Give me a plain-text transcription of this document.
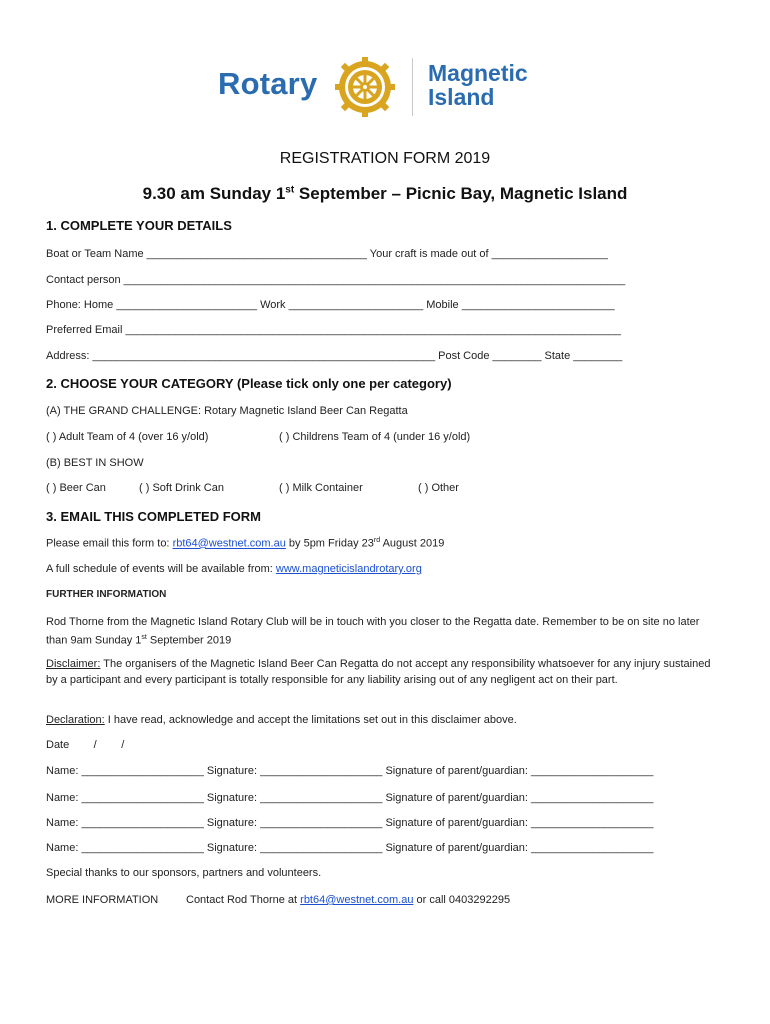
Rotary	Magnetic
Island
REGISTRATION FORM 2019
9.30 am Sunday 1st September – Picnic Bay, Magnetic Island
1. COMPLETE YOUR DETAILS
Boat or Team Name ____________________________________ Your craft is made out of ___________________
Contact person __________________________________________________________________________________
Phone: Home _______________________ Work ______________________ Mobile _________________________
Preferred Email _________________________________________________________________________________
Address: ________________________________________________________ Post Code ________ State ________
2. CHOOSE YOUR CATEGORY (Please tick only one per category)
(A) THE GRAND CHALLENGE: Rotary Magnetic Island Beer Can Regatta
( ) Adult Team of 4 (over 16 y/old)	( ) Childrens Team of 4 (under 16 y/old)
(B) BEST IN SHOW
( ) Beer Can	( ) Soft Drink Can	( ) Milk Container	( ) Other
3. EMAIL THIS COMPLETED FORM
Please email this form to: rbt64@westnet.com.au by 5pm Friday 23rd August 2019
A full schedule of events will be available from: www.magneticislandrotary.org
FURTHER INFORMATION
Rod Thorne from the Magnetic Island Rotary Club will be in touch with you closer to the Regatta date. Remember to be on site no later than 9am Sunday 1st September 2019
Disclaimer: The organisers of the Magnetic Island Beer Can Regatta do not accept any responsibility whatsoever for any injury sustained by a participant and every participant is totally responsible for any liability arising out of any negligent act on their part.
Declaration: I have read, acknowledge and accept the limitations set out in this disclaimer above.
Date        /        /
Name: ____________________ Signature: ____________________ Signature of parent/guardian: ____________________
Name: ____________________ Signature: ____________________ Signature of parent/guardian: ____________________
Name: ____________________ Signature: ____________________ Signature of parent/guardian: ____________________
Name: ____________________ Signature: ____________________ Signature of parent/guardian: ____________________
Special thanks to our sponsors, partners and volunteers.
MORE INFORMATION	Contact Rod Thorne at rbt64@westnet.com.au or call 0403292295
